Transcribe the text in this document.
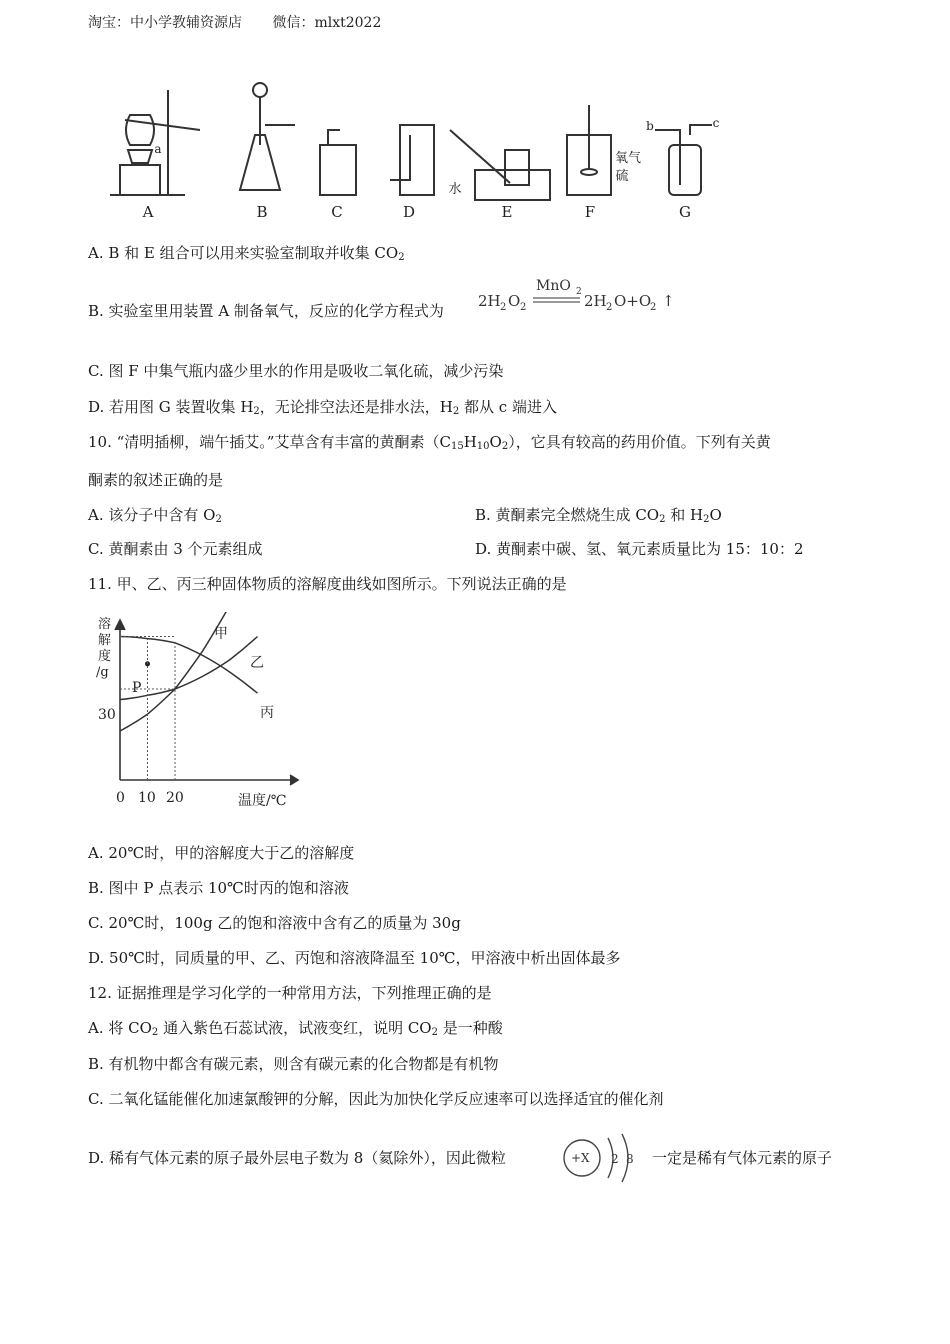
淘宝：中小学教辅资源店 微信：mlxt2022
A	B	C	D	E	F	G
a
水
氧气
硫
b	c
A. B 和 E 组合可以用来实验室制取并收集 $CO_2$
B. 实验室里用装置 A 制备氧气，反应的化学方程式为
2H 2 O 2
MnO 2 2H 2 O+O
2 ↑
C. 图 F 中集气瓶内盛少里水的作用是吸收二氧化硫，减少污染
D. 若用图 G 装置收集 $H_2$，无论排空法还是排水法，$H_2$ 都从 c 端进入
10. “清明插柳，端午插艾。”艾草含有丰富的黄酮素$(C_{15}H_{10}O_2)$，它具有较高的药用价值。下列有关黄
酮素的叙述正确的是
A. 该分子中含有 $O_2$	B. 黄酮素完全燃烧生成 $CO_2$ 和 $H_2O$
C. 黄酮素由 3 个元素组成	D. 黄酮素中碳、氢、氧元素质量比为 15：10：2
11. 甲、乙、丙三种固体物质的溶解度曲线如图所示。下列说法正确的是
溶解度/g
温度/℃
0 10 20
30
P
甲
乙
丙
A. 20℃时，甲的溶解度大于乙的溶解度
B. 图中 P 点表示 10℃时丙的饱和溶液
C. 20℃时，100g 乙的饱和溶液中含有乙的质量为 30g
D. 50℃时，同质量的甲、乙、丙饱和溶液降温至 10℃，甲溶液中析出固体最多
12. 证据推理是学习化学的一种常用方法，下列推理正确的是
A. 将 $CO_2$ 通入紫色石蕊试液，试液变红，说明 $CO_2$ 是一种酸
B. 有机物中都含有碳元素，则含有碳元素的化合物都是有机物
C. 二氧化锰能催化加速氯酸钾的分解，因此为加快化学反应速率可以选择适宜的催化剂
D. 稀有气体元素的原子最外层电子数为 8（氦除外），因此微粒	+X 2 8 一定是稀有气体元素的原子
